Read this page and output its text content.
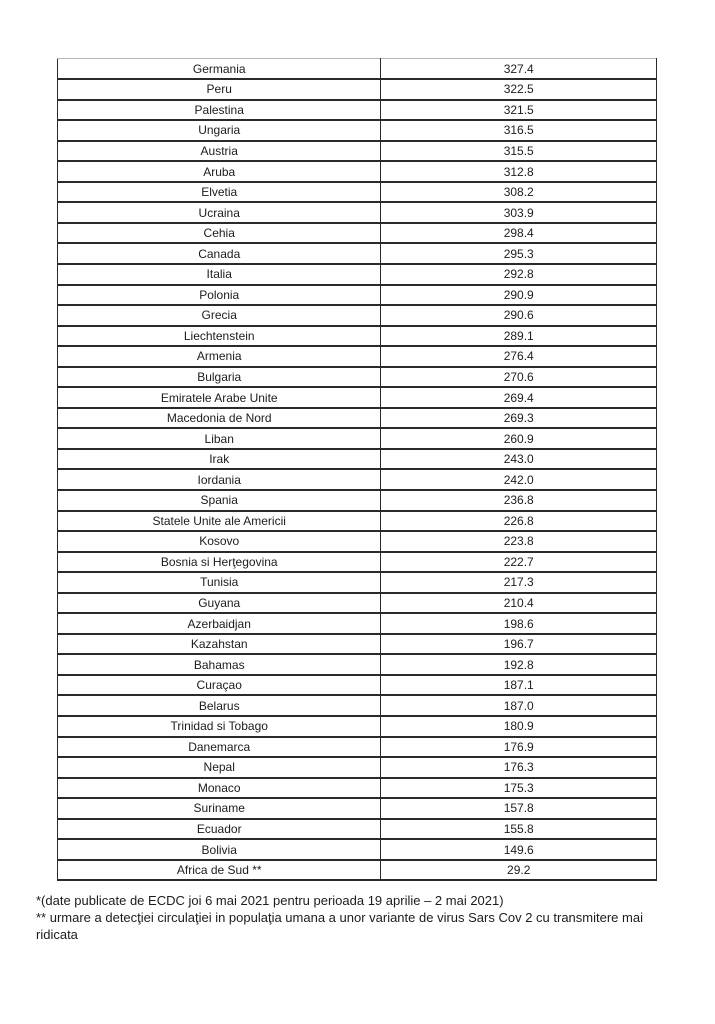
Germania	327.4
Peru	322.5
Palestina	321.5
Ungaria	316.5
Austria	315.5
Aruba	312.8
Elvetia	308.2
Ucraina	303.9
Cehia	298.4
Canada	295.3
Italia	292.8
Polonia	290.9
Grecia	290.6
Liechtenstein	289.1
Armenia	276.4
Bulgaria	270.6
Emiratele Arabe Unite	269.4
Macedonia de Nord	269.3
Liban	260.9
Irak	243.0
Iordania	242.0
Spania	236.8
Statele Unite ale Americii	226.8
Kosovo	223.8
Bosnia si Herţegovina	222.7
Tunisia	217.3
Guyana	210.4
Azerbaidjan	198.6
Kazahstan	196.7
Bahamas	192.8
Curaçao	187.1
Belarus	187.0
Trinidad si Tobago	180.9
Danemarca	176.9
Nepal	176.3
Monaco	175.3
Suriname	157.8
Ecuador	155.8
Bolivia	149.6
Africa de Sud **	29.2

*(date publicate de ECDC joi 6 mai 2021 pentru perioada 19 aprilie – 2 mai 2021)

** urmare a detecţiei circulaţiei in populaţia umana a unor variante de virus Sars Cov 2 cu transmitere mai ridicata
